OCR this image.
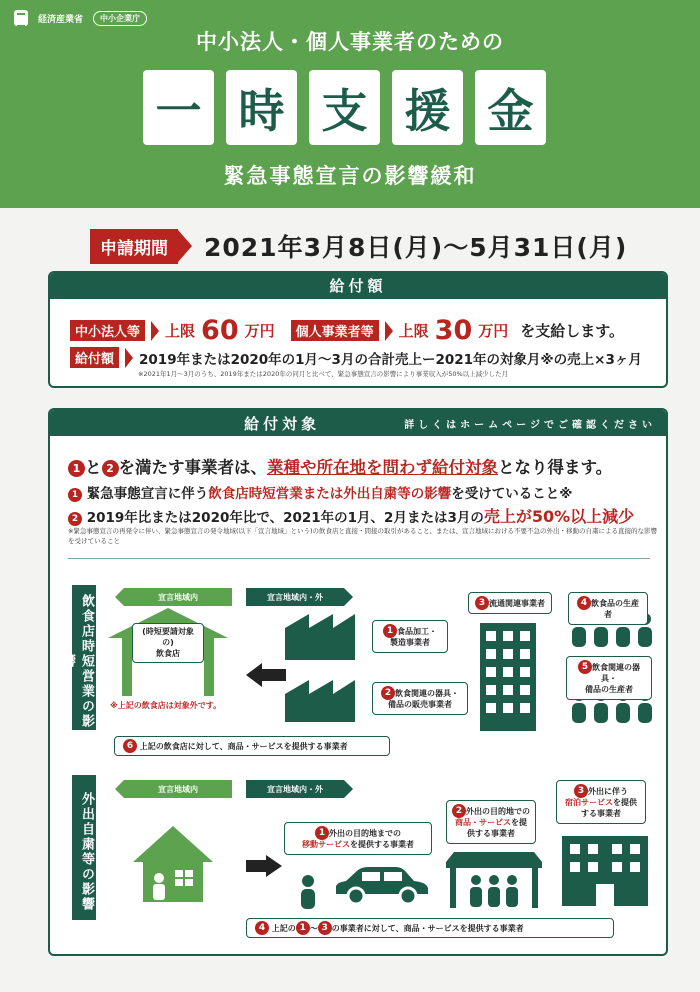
経済産業省	中小企業庁
中小法人・個人事業者のための
一 時 支 援 金
緊急事態宣言の影響緩和
申請期間	2021年3月8日(月)～5月31日(月)
給付額
中小法人等	上限 60 万円	個人事業者等	上限 30 万円 を支給します。
給付額	2019年または2020年の1月～3月の合計売上ー2021年の対象月※の売上×3ヶ月
※2021年1月～3月のうち、2019年または2020年の同月と比べて、緊急事態宣言の影響により事業収入が50%以上減少した月
給付対象	詳しくはホームページでご確認ください
1 と 2 を満たす事業者は、業種や所在地を問わず給付対象となり得ます。
1 緊急事態宣言に伴う飲食店時短営業または外出自粛等の影響を受けていること※
2 2019年比または2020年比で、2021年の1月、2月または3月の売上が50%以上減少
※緊急事態宣言の再発令に伴い、緊急事態宣言の発令地域(以下「宣言地域」という)の飲食店と直接・間接の取引があること、または、宣言地域における不要不急の外出・移動の自粛による直接的な影響を受けていること
飲食店時短営業の影響
宣言地域内	宣言地域内・外
(時短要請対象の)
飲食店
※上記の飲食店は対象外です。
1 食品加工・
製造事業者
2 飲食関連の器具・
備品の販売事業者
3 流通関連事業者	4 飲食品の生産者
5 飲食関連の器具・
備品の生産者
6 上記の飲食店に対して、商品・サービスを提供する事業者
外出自粛等の影響
宣言地域内	宣言地域内・外
1 外出の目的地までの
移動サービスを提供する事業者
2 外出の目的地での
商品・サービスを提供する事業者
3 外出に伴う
宿泊サービスを提供する事業者
4 上記の 1 ～ 3 の事業者に対して、商品・サービスを提供する事業者
